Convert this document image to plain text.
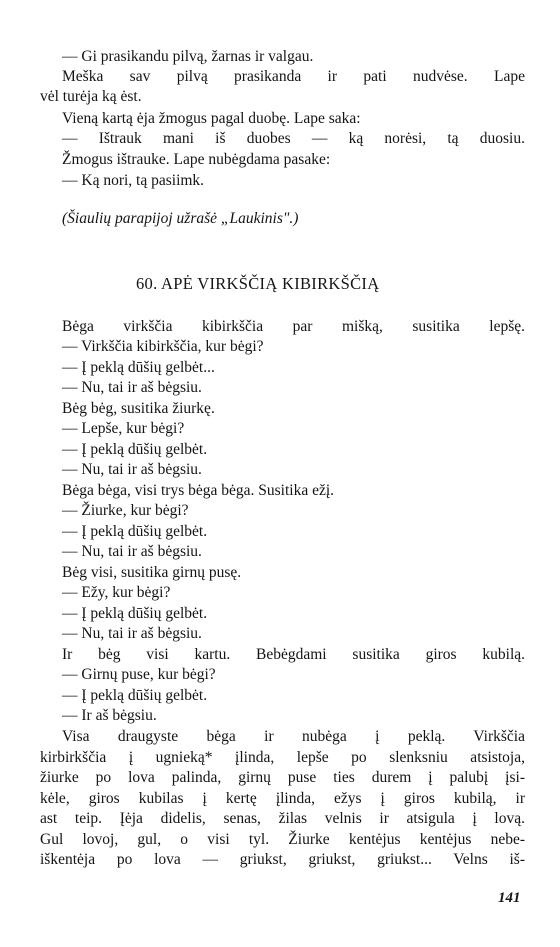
— Gi prasikandu pilvą, žarnas ir valgau.
Meška sav pilvą prasikanda ir pati nudvėse. Lape
vėl turėja ką ėst.
Vieną kartą ėja žmogus pagal duobę. Lape saka:
— Ištrauk mani iš duobes — ką norėsi, tą duosiu.
Žmogus ištrauke. Lape nubėgdama pasake:
— Ką nori, tą pasiimk.
(Šiaulių parapijoj užrašė „Laukinis".)
60. APĖ VIRKŠČIĄ KIBIRKŠČIĄ
Bėga virkščia kibirkščia par mišką, susitika lepšę.
— Virkščia kibirkščia, kur bėgi?
— Į peklą dūšių gelbėt...
— Nu, tai ir aš bėgsiu.
Bėg bėg, susitika žiurkę.
— Lepše, kur bėgi?
— Į peklą dūšių gelbėt.
— Nu, tai ir aš bėgsiu.
Bėga bėga, visi trys bėga bėga. Susitika ežį.
— Žiurke, kur bėgi?
— Į peklą dūšių gelbėt.
— Nu, tai ir aš bėgsiu.
Bėg visi, susitika girnų pusę.
— Ežy, kur bėgi?
— Į peklą dūšių gelbėt.
— Nu, tai ir aš bėgsiu.
Ir bėg visi kartu. Bebėgdami susitika giros kubilą.
— Girnų puse, kur bėgi?
— Į peklą dūšių gelbėt.
— Ir aš bėgsiu.
Visa draugyste bėga ir nubėga į peklą. Virkščia
kirbirkščia į ugnieką* įlinda, lepše po slenksniu atsistoja,
žiurke po lova palinda, girnų puse ties durem į palubį įsi-
kėle, giros kubilas į kertę įlinda, ežys į giros kubilą, ir
ast teip. Įėja didelis, senas, žilas velnis ir atsigula į lovą.
Gul lovoj, gul, o visi tyl. Žiurke kentėjus kentėjus nebe-
iškentėja po lova — griukst, griukst, griukst... Velns iš-
141
